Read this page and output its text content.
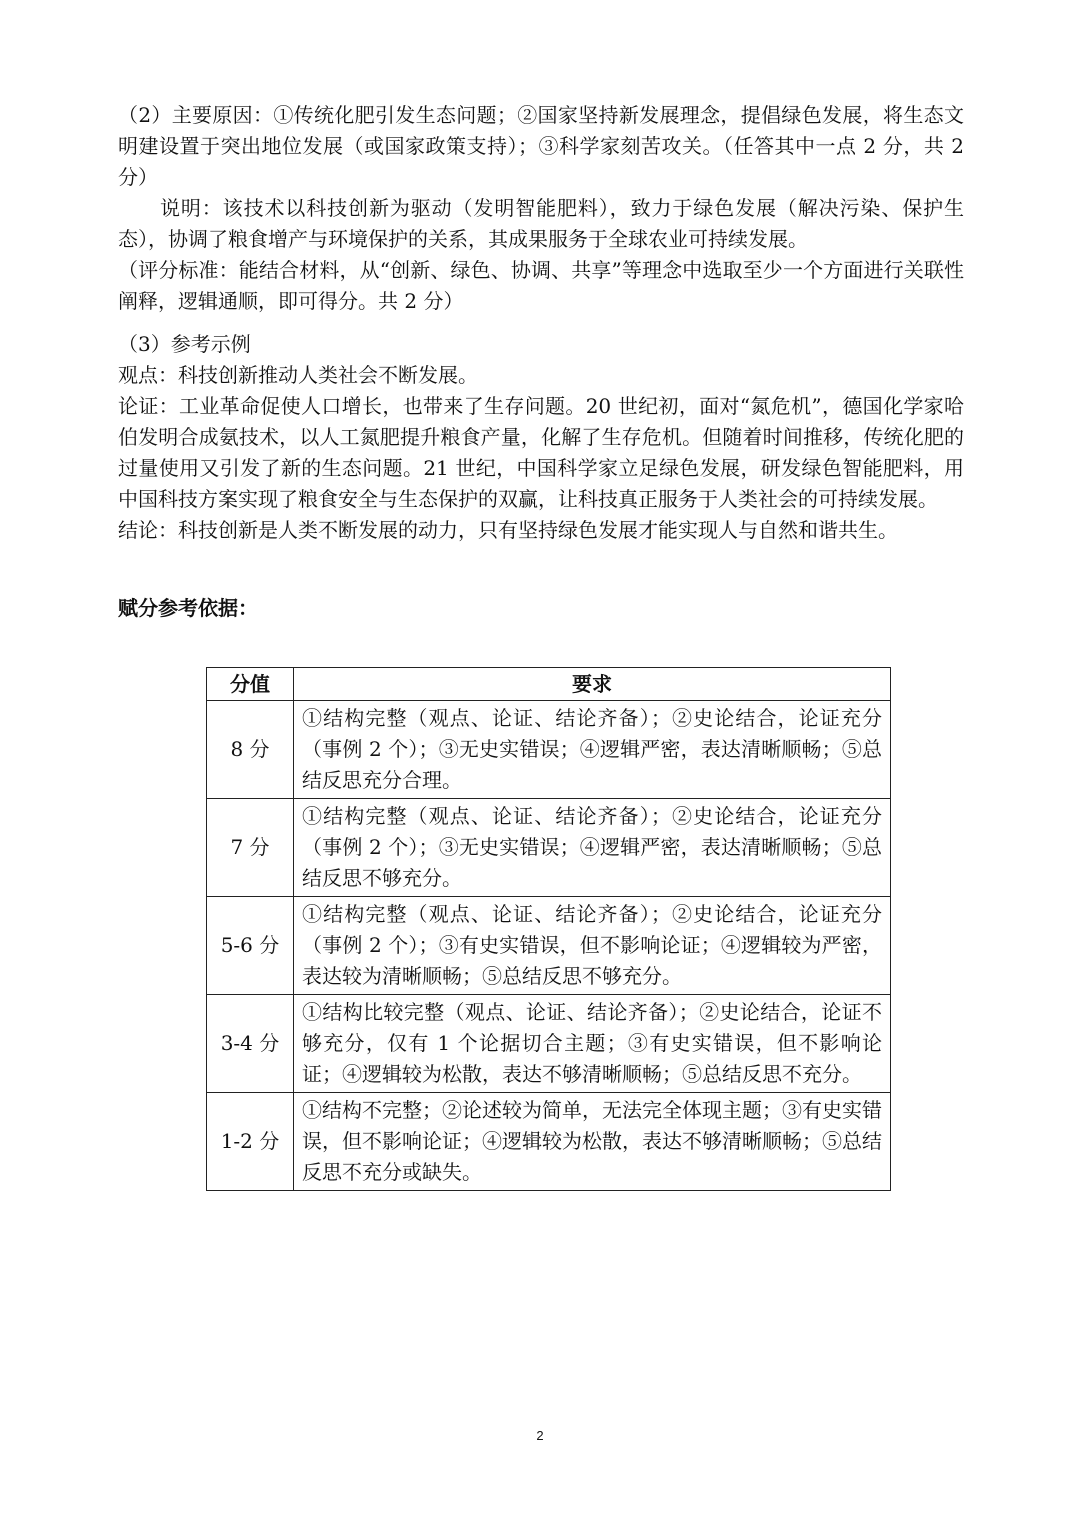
（2）主要原因：①传统化肥引发生态问题；②国家坚持新发展理念，提倡绿色发展，将生态文明建设置于突出地位发展（或国家政策支持）；③科学家刻苦攻关。（任答其中一点 2 分，共 2 分）

说明：该技术以科技创新为驱动（发明智能肥料），致力于绿色发展（解决污染、保护生态），协调了粮食增产与环境保护的关系，其成果服务于全球农业可持续发展。

（评分标准：能结合材料，从“创新、绿色、协调、共享”等理念中选取至少一个方面进行关联性阐释，逻辑通顺，即可得分。共 2 分）

（3）参考示例

观点：科技创新推动人类社会不断发展。

论证：工业革命促使人口增长，也带来了生存问题。20 世纪初，面对“氮危机”，德国化学家哈伯发明合成氨技术，以人工氮肥提升粮食产量，化解了生存危机。但随着时间推移，传统化肥的过量使用又引发了新的生态问题。21 世纪，中国科学家立足绿色发展，研发绿色智能肥料，用中国科技方案实现了粮食安全与生态保护的双赢，让科技真正服务于人类社会的可持续发展。

结论：科技创新是人类不断发展的动力，只有坚持绿色发展才能实现人与自然和谐共生。

赋分参考依据：
分值	要求
8 分	①结构完整（观点、论证、结论齐备）；②史论结合，论证充分（事例 2 个）；③无史实错误；④逻辑严密，表达清晰顺畅；⑤总结反思充分合理。
7 分	①结构完整（观点、论证、结论齐备）；②史论结合，论证充分（事例 2 个）；③无史实错误；④逻辑严密，表达清晰顺畅；⑤总结反思不够充分。
5-6 分	①结构完整（观点、论证、结论齐备）；②史论结合，论证充分（事例 2 个）；③有史实错误，但不影响论证；④逻辑较为严密，表达较为清晰顺畅；⑤总结反思不够充分。
3-4 分	①结构比较完整（观点、论证、结论齐备）；②史论结合，论证不够充分，仅有 1 个论据切合主题；③有史实错误，但不影响论证；④逻辑较为松散，表达不够清晰顺畅；⑤总结反思不充分。
1-2 分	①结构不完整；②论述较为简单，无法完全体现主题；③有史实错误，但不影响论证；④逻辑较为松散，表达不够清晰顺畅；⑤总结反思不充分或缺失。
2
